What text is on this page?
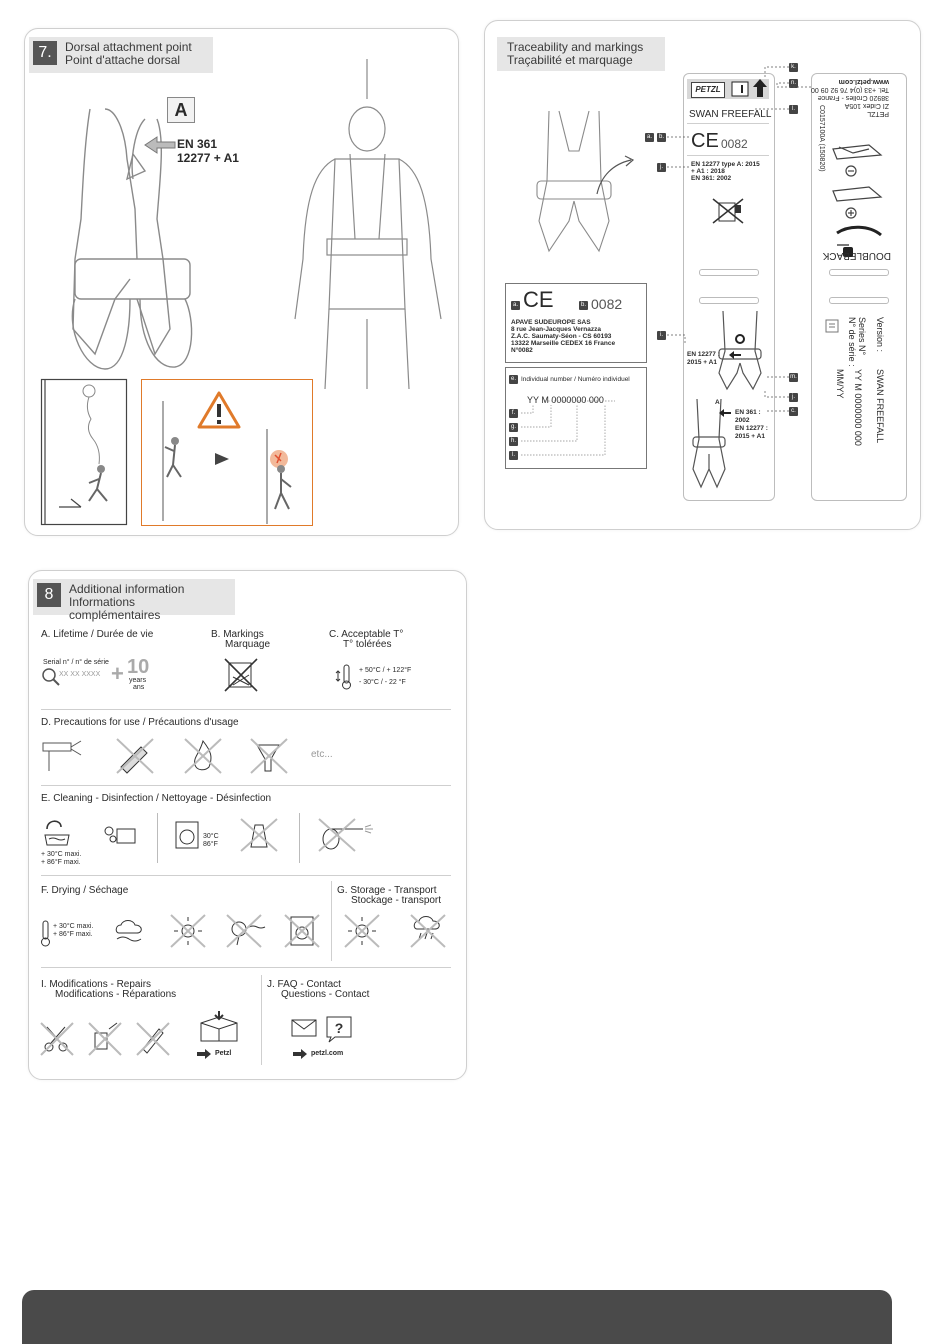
7.	Dorsal attachment point
Point d'attache dorsal
A
EN 361
12277 + A1
Traceability and markings
Traçabilité et marquage
PETZL
SWAN FREEFALL
CE 0082
EN 12277 type A: 2015
+ A1 : 2018
EN 361: 2002
EN 12277 :
2015 + A1
A
EN 361 :
2002
EN 12277 :
2015 + A1
k.
n.
l.
a.	b.
j.
i.
m.
j.
c.
www.petzl.com
PETZL
ZI Cidex 105A
38920 Crolles - France
Tel. +33 (0)4 76 92 09 00
C0157100A (150820)
DOUBLEBACK
Version :
SWAN FREEFALL
Series N°
N° de série :
YY M 0000000 000
MM/YY
a. CE	b. 0082
APAVE SUDEUROPE SAS
8 rue Jean-Jacques Vernazza
Z.A.C. Saumaty-Séon - CS 60193
13322 Marseille CEDEX 16 France
N°0082
e. Individual number / Numéro individuel
YY M 0000000 000
f.
g.
h.
l.
8	Additional information
Informations complémentaires
A. Lifetime / Durée de vie
Serial n° / n° de série
XX XX XXXX + 10
years
ans
B. Markings
Marquage
C. Acceptable T°
T° tolérées
+ 50°C / + 122°F
- 30°C / - 22 °F
D. Precautions for use / Précautions d'usage
etc...
E. Cleaning - Disinfection / Nettoyage - Désinfection
+ 30°C maxi.
+ 86°F maxi.
30°C
86°F
F. Drying / Séchage
+ 30°C maxi.
+ 86°F maxi.
G. Storage - Transport
Stockage - transport
I. Modifications - Repairs
Modifications - Réparations
Petzl
J. FAQ - Contact
Questions - Contact
?
petzl.com
